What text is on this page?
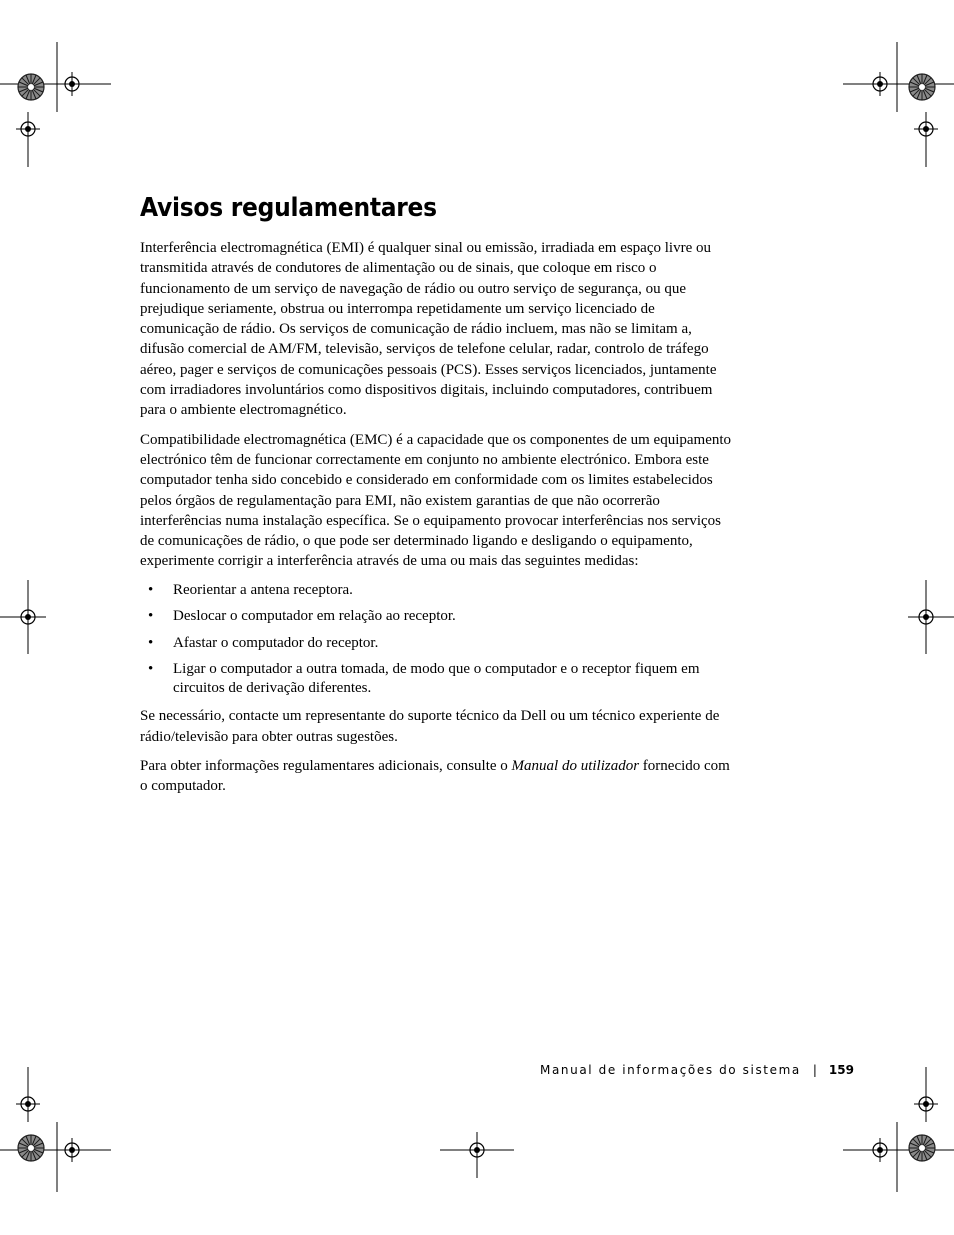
Avisos regulamentares

Interferência electromagnética (EMI) é qualquer sinal ou emissão, irradiada em espaço livre ou transmitida através de condutores de alimentação ou de sinais, que coloque em risco o funcionamento de um serviço de navegação de rádio ou outro serviço de segurança, ou que prejudique seriamente, obstrua ou interrompa repetidamente um serviço licenciado de comunicação de rádio. Os serviços de comunicação de rádio incluem, mas não se limitam a, difusão comercial de AM/FM, televisão, serviços de telefone celular, radar, controlo de tráfego aéreo, pager e serviços de comunicações pessoais (PCS). Esses serviços licenciados, juntamente com irradiadores involuntários como dispositivos digitais, incluindo computadores, contribuem para o ambiente electromagnético.

Compatibilidade electromagnética (EMC) é a capacidade que os componentes de um equipamento electrónico têm de funcionar correctamente em conjunto no ambiente electrónico. Embora este computador tenha sido concebido e considerado em conformidade com os limites estabelecidos pelos órgãos de regulamentação para EMI, não existem garantias de que não ocorrerão interferências numa instalação específica. Se o equipamento provocar interferências nos serviços de comunicações de rádio, o que pode ser determinado ligando e desligando o equipamento, experimente corrigir a interferência através de uma ou mais das seguintes medidas:

• Reorientar a antena receptora.
• Deslocar o computador em relação ao receptor.
• Afastar o computador do receptor.
• Ligar o computador a outra tomada, de modo que o computador e o receptor fiquem em circuitos de derivação diferentes.

Se necessário, contacte um representante do suporte técnico da Dell ou um técnico experiente de rádio/televisão para obter outras sugestões.

Para obter informações regulamentares adicionais, consulte o Manual do utilizador fornecido com o computador.

Manual de informações do sistema | 159
